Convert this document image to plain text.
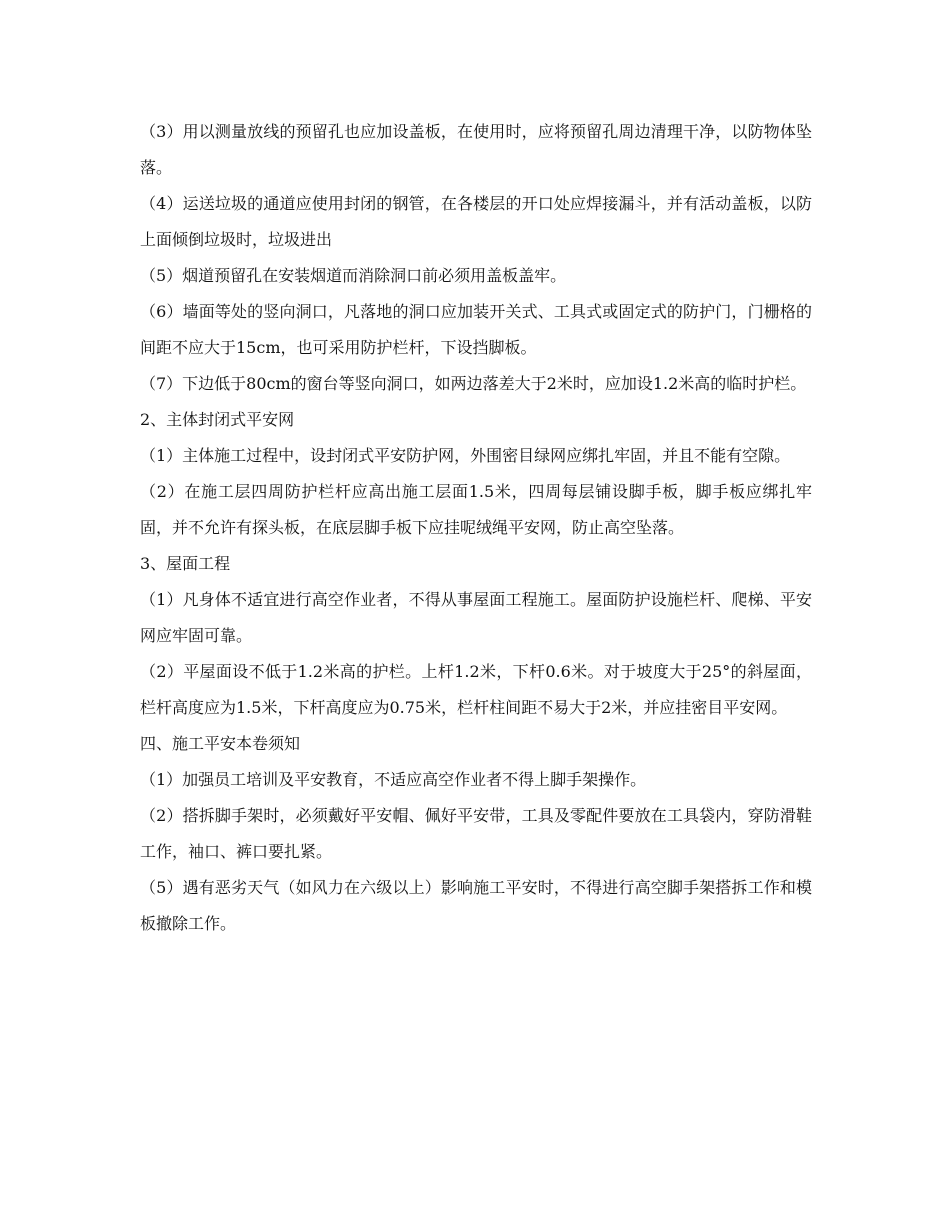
（3）用以测量放线的预留孔也应加设盖板，在使用时，应将预留孔周边清理干净，以防物体坠落。

（4）运送垃圾的通道应使用封闭的钢管，在各楼层的开口处应焊接漏斗，并有活动盖板，以防上面倾倒垃圾时，垃圾进出

（5）烟道预留孔在安装烟道而消除洞口前必须用盖板盖牢。

（6）墙面等处的竖向洞口，凡落地的洞口应加装开关式、工具式或固定式的防护门，门栅格的间距不应大于15cm，也可采用防护栏杆，下设挡脚板。

（7）下边低于80cm的窗台等竖向洞口，如两边落差大于2米时，应加设1.2米高的临时护栏。

2、主体封闭式平安网

（1）主体施工过程中，设封闭式平安防护网，外围密目绿网应绑扎牢固，并且不能有空隙。

（2）在施工层四周防护栏杆应高出施工层面1.5米，四周每层铺设脚手板，脚手板应绑扎牢固，并不允许有探头板，在底层脚手板下应挂呢绒绳平安网，防止高空坠落。

3、屋面工程

（1）凡身体不适宜进行高空作业者，不得从事屋面工程施工。屋面防护设施栏杆、爬梯、平安网应牢固可靠。

（2）平屋面设不低于1.2米高的护栏。上杆1.2米，下杆0.6米。对于坡度大于25°的斜屋面，栏杆高度应为1.5米，下杆高度应为0.75米，栏杆柱间距不易大于2米，并应挂密目平安网。

四、施工平安本卷须知

（1）加强员工培训及平安教育，不适应高空作业者不得上脚手架操作。

（2）搭拆脚手架时，必须戴好平安帽、佩好平安带，工具及零配件要放在工具袋内，穿防滑鞋工作，袖口、裤口要扎紧。

（5）遇有恶劣天气（如风力在六级以上）影响施工平安时，不得进行高空脚手架搭拆工作和模板撤除工作。
